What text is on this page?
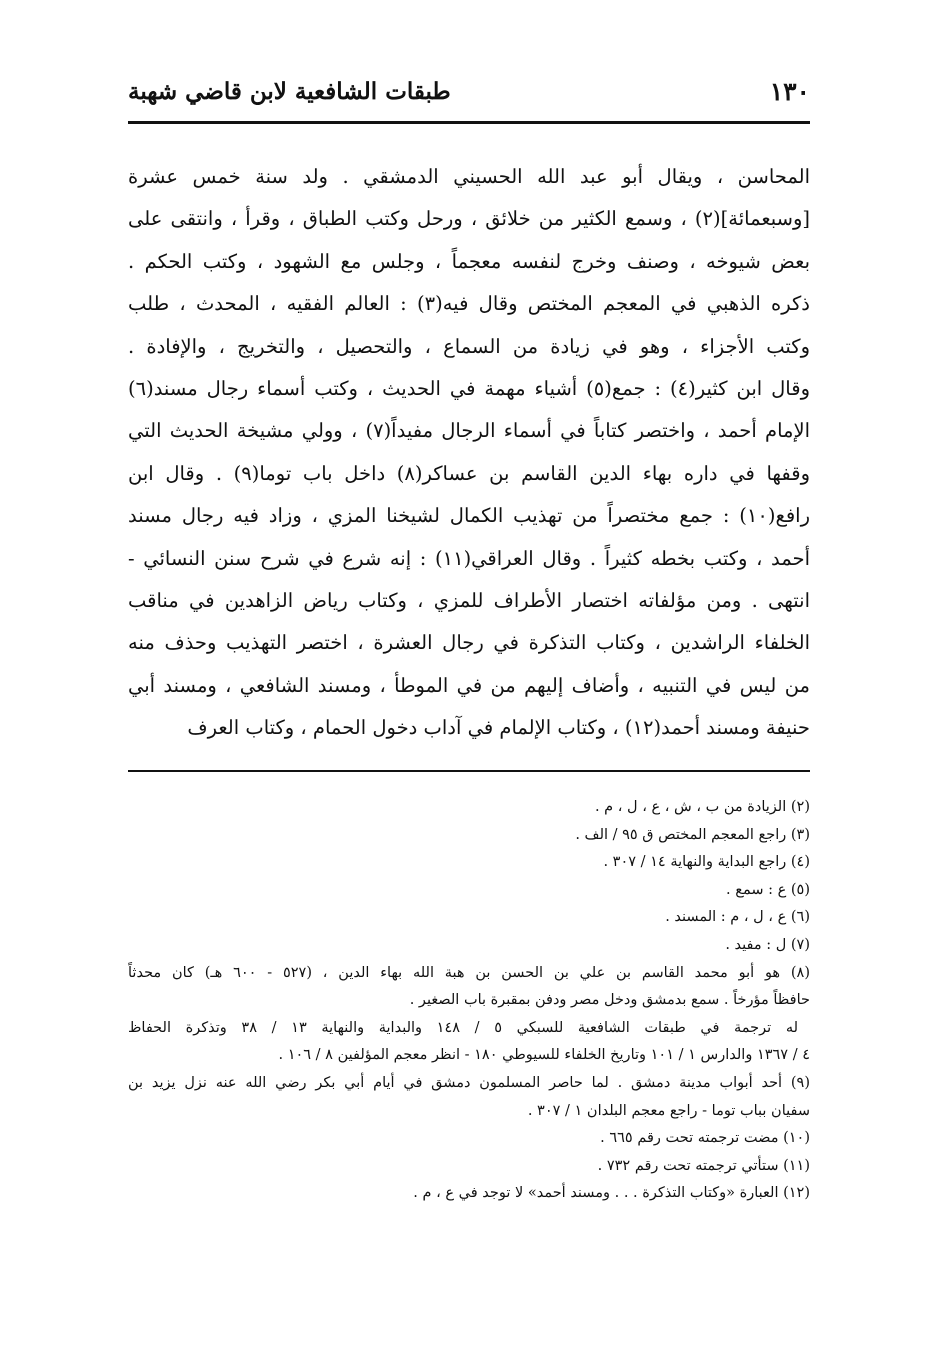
١٣٠
طبقات الشافعية لابن قاضي شهبة
المحاسن ، ويقال أبو عبد الله الحسيني الدمشقي . ولد سنة خمس عشرة
[وسبعمائة](٢) ، وسمع الكثير من خلائق ، ورحل وكتب الطباق ، وقرأ ، وانتقى على
بعض شيوخه ، وصنف وخرج لنفسه معجماً ، وجلس مع الشهود ، وكتب الحكم .
ذكره الذهبي في المعجم المختص وقال فيه(٣) : العالم الفقيه ، المحدث ، طلب
وكتب الأجزاء ، وهو في زيادة من السماع ، والتحصيل ، والتخريج ، والإفادة .
وقال ابن كثير(٤) : جمع(٥) أشياء مهمة في الحديث ، وكتب أسماء رجال مسند(٦)
الإمام أحمد ، واختصر كتاباً في أسماء الرجال مفيداً(٧) ، وولي مشيخة الحديث التي
وقفها في داره بهاء الدين القاسم بن عساكر(٨) داخل باب توما(٩) . وقال ابن
رافع(١٠) : جمع مختصراً من تهذيب الكمال لشيخنا المزي ، وزاد فيه رجال مسند
أحمد ، وكتب بخطه كثيراً . وقال العراقي(١١) : إنه شرع في شرح سنن النسائي -
انتهى . ومن مؤلفاته اختصار الأطراف للمزي ، وكتاب رياض الزاهدين في مناقب
الخلفاء الراشدين ، وكتاب التذكرة في رجال العشرة ، اختصر التهذيب وحذف منه
من ليس في التنبيه ، وأضاف إليهم من في الموطأ ، ومسند الشافعي ، ومسند أبي
حنيفة ومسند أحمد(١٢) ، وكتاب الإلمام في آداب دخول الحمام ، وكتاب العرف
(٢) الزيادة من ب ، ش ، ع ، ل ، م .
(٣) راجع المعجم المختص ق ٩٥ / الف .
(٤) راجع البداية والنهاية ١٤ / ٣٠٧ .
(٥) ع : سمع .
(٦) ع ، ل ، م : المسند .
(٧) ل : مفيد .
(٨) هو أبو محمد القاسم بن علي بن الحسن بن هبة الله بهاء الدين ، (٥٢٧ - ٦٠٠ هـ) كان محدثاً
حافظاً مؤرخاً . سمع بدمشق ودخل مصر ودفن بمقبرة باب الصغير .
له ترجمة في طبقات الشافعية للسبكي ٥ / ١٤٨ والبداية والنهاية ١٣ / ٣٨ وتذكرة الحفاظ
٤ / ١٣٦٧ والدارس ١ / ١٠١ وتاريخ الخلفاء للسيوطي ١٨٠ - انظر معجم المؤلفين ٨ / ١٠٦ .
(٩) أحد أبواب مدينة دمشق . لما حاصر المسلمون دمشق في أيام أبي بكر رضي الله عنه نزل يزيد بن
سفيان بباب توما - راجع معجم البلدان ١ / ٣٠٧ .
(١٠) مضت ترجمته تحت رقم ٦٦٥ .
(١١) ستأتي ترجمته تحت رقم ٧٣٢ .
(١٢) العبارة «وكتاب التذكرة . . . ومسند أحمد» لا توجد في ع ، م .
